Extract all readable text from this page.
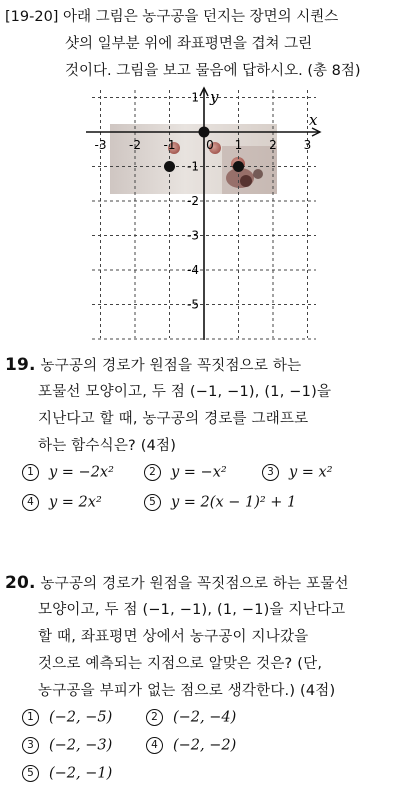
[19-20] 아래 그림은 농구공을 던지는 장면의 시퀀스
샷의 일부분 위에 좌표평면을 겹쳐 그린
것이다. 그림을 보고 물음에 답하시오. (총 8점)
x
y
-3 -2 -1	0 1 2 3
1
-1
-2
-3
-4
-5
19. 농구공의 경로가 원점을 꼭짓점으로 하는
포물선 모양이고, 두 점 (−1, −1), (1, −1)을
지난다고 할 때, 농구공의 경로를 그래프로
하는 함수식은? (4점)
1 y = −2x²	2 y = −x²	3 y = x²
4 y = 2x²	5 y = 2(x − 1)² + 1
20. 농구공의 경로가 원점을 꼭짓점으로 하는 포물선
모양이고, 두 점 (−1, −1), (1, −1)을 지난다고
할 때, 좌표평면 상에서 농구공이 지나갔을
것으로 예측되는 지점으로 알맞은 것은? (단,
농구공을 부피가 없는 점으로 생각한다.) (4점)
1 (−2, −5)	2 (−2, −4)
3 (−2, −3)	4 (−2, −2)
5 (−2, −1)
